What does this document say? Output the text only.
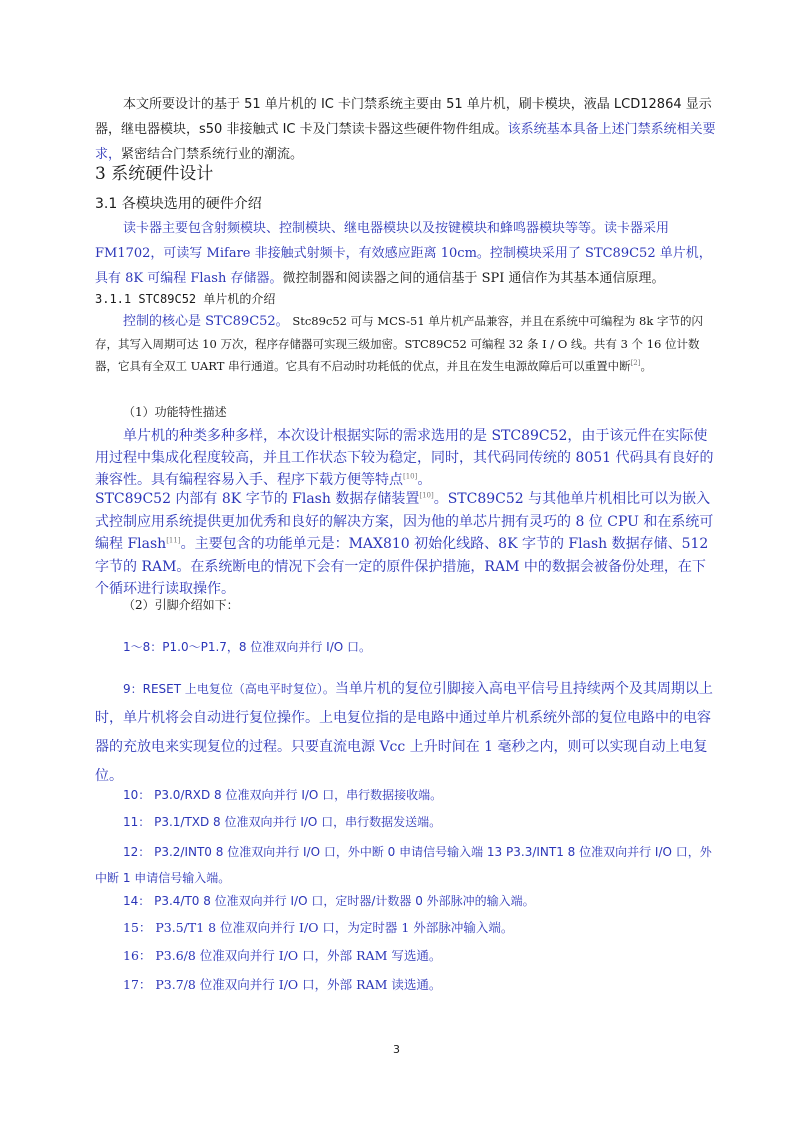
本文所要设计的基于 51 单片机的 IC 卡门禁系统主要由 51 单片机，刷卡模块，液晶 LCD12864 显示器，继电器模块，s50 非接触式 IC 卡及门禁读卡器这些硬件物件组成。该系统基本具备上述门禁系统相关要求，紧密结合门禁系统行业的潮流。

3 系统硬件设计
3.1 各模块选用的硬件介绍

读卡器主要包含射频模块、控制模块、继电器模块以及按键模块和蜂鸣器模块等等。读卡器采用 FM1702，可读写 Mifare 非接触式射频卡，有效感应距离 10cm。控制模块采用了 STC89C52 单片机，具有 8K 可编程 Flash 存储器。微控制器和阅读器之间的通信基于 SPI 通信作为其基本通信原理。

3.1.1 STC89C52 单片机的介绍

控制的核心是 STC89C52。 Stc89c52 可与 MCS-51 单片机产品兼容，并且在系统中可编程为 8k 字节的闪存，其写入周期可达 10 万次，程序存储器可实现三级加密。STC89C52 可编程 32 条 I / O 线。共有 3 个 16 位计数器，它具有全双工 UART 串行通道。它具有不启动时功耗低的优点，并且在发生电源故障后可以重置中断[2]。

（1）功能特性描述

单片机的种类多种多样，本次设计根据实际的需求选用的是 STC89C52，由于该元件在实际使用过程中集成化程度较高，并且工作状态下较为稳定，同时，其代码同传统的 8051 代码具有良好的兼容性。具有编程容易入手、程序下载方便等特点[10]。

STC89C52 内部有 8K 字节的 Flash 数据存储装置[10]。STC89C52 与其他单片机相比可以为嵌入式控制应用系统提供更加优秀和良好的解决方案，因为他的单芯片拥有灵巧的 8 位 CPU 和在系统可编程 Flash[11]。主要包含的功能单元是：MAX810 初始化线路、8K 字节的 Flash 数据存储、512 字节的 RAM。在系统断电的情况下会有一定的原件保护措施，RAM 中的数据会被备份处理，在下个循环进行读取操作。

（2）引脚介绍如下：

1～8：P1.0～P1.7，8 位准双向并行 I/O 口。

9：RESET 上电复位（高电平时复位）。当单片机的复位引脚接入高电平信号且持续两个及其周期以上时，单片机将会自动进行复位操作。上电复位指的是电路中通过单片机系统外部的复位电路中的电容器的充放电来实现复位的过程。只要直流电源 Vcc 上升时间在 1 毫秒之内，则可以实现自动上电复位。

10： P3.0/RXD 8 位准双向并行 I/O 口，串行数据接收端。

11： P3.1/TXD 8 位准双向并行 I/O 口，串行数据发送端。

12： P3.2/INT0 8 位准双向并行 I/O 口，外中断 0 申请信号输入端 13 P3.3/INT1 8 位准双向并行 I/O 口，外中断 1 申请信号输入端。

14： P3.4/T0 8 位准双向并行 I/O 口，定时器/计数器 0 外部脉冲的输入端。

15： P3.5/T1 8 位准双向并行 I/O 口，为定时器 1 外部脉冲输入端。

16： P3.6/8 位准双向并行 I/O 口，外部 RAM 写选通。

17： P3.7/8 位准双向并行 I/O 口，外部 RAM 读选通。

3
